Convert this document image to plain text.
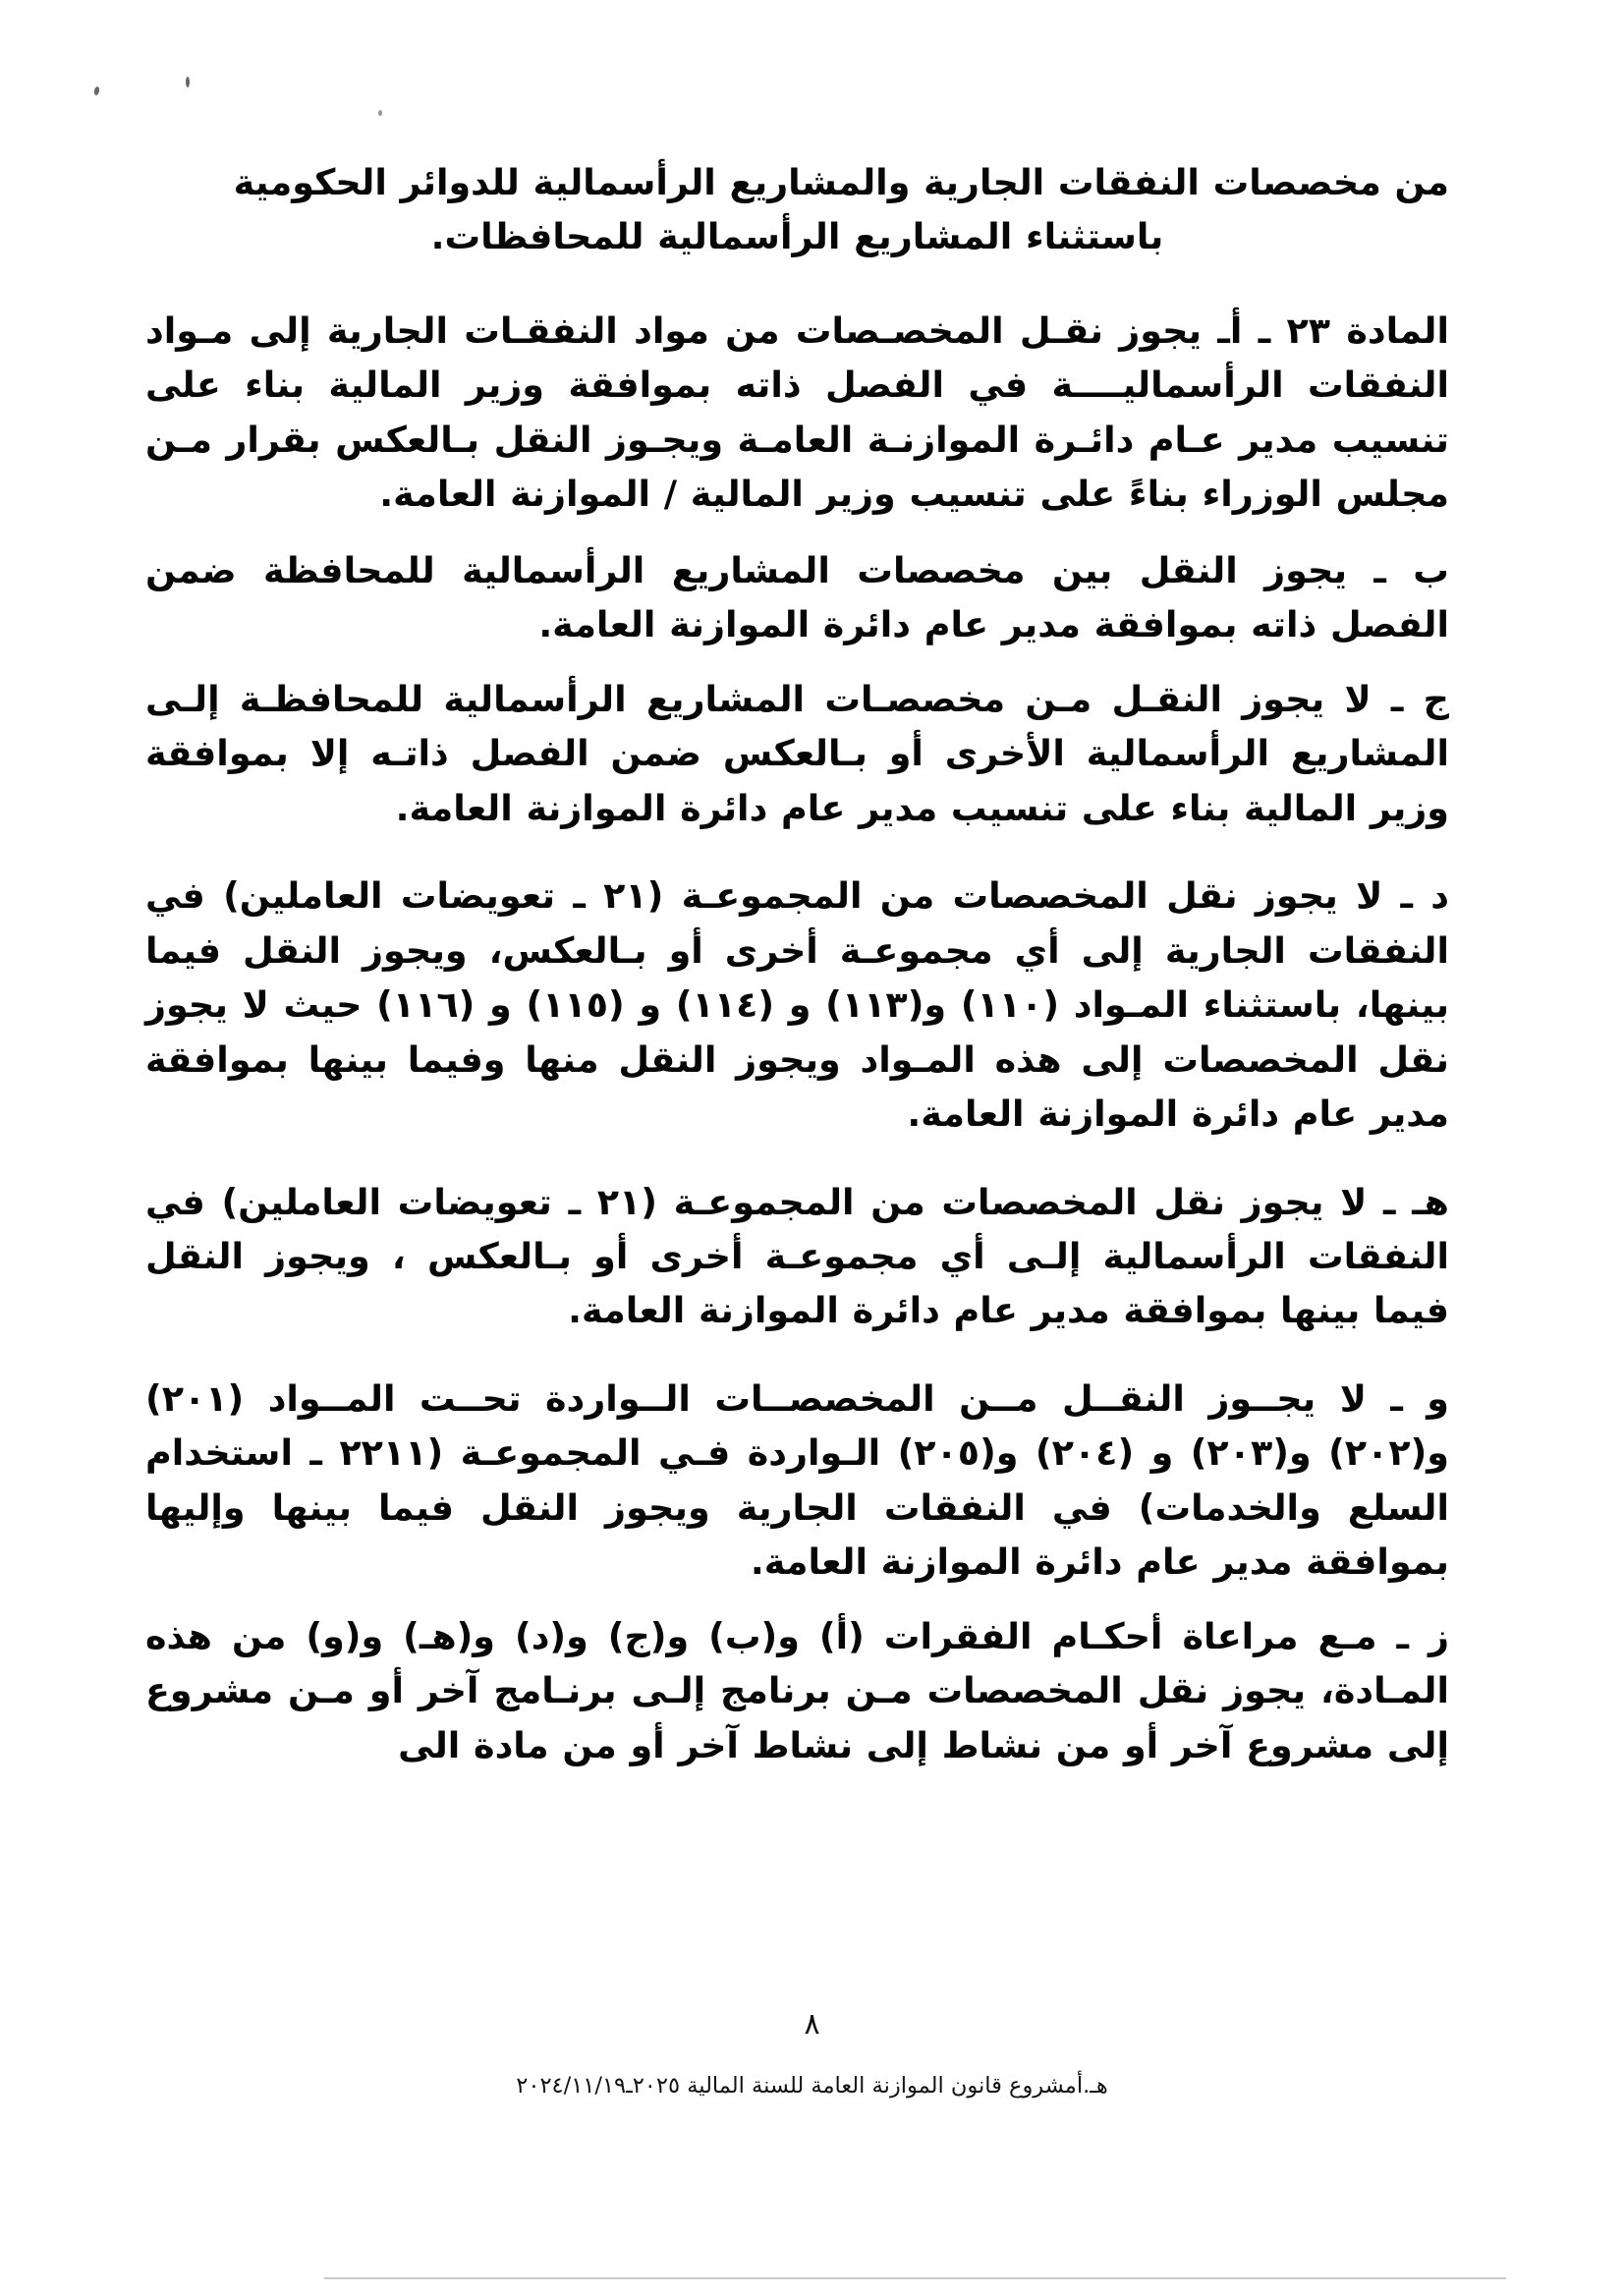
من مخصصات النفقات الجارية والمشاريع الرأسمالية للدوائر الحكومية
باستثناء المشاريع الرأسمالية للمحافظات.

المادة ٢٣ ـ أـ يجوز نقـل المخصـصات من مواد النفقـات الجارية إلى مـواد النفقات الرأسماليــــة في الفصل ذاته بموافقة وزير المالية بناء على تنسيب مدير عـام دائـرة الموازنـة العامـة ويجـوز النقل بـالعكس بقرار مـن مجلس الوزراء بناءً على تنسيب وزير المالية / الموازنة العامة.

ب ـ يجوز النقل بين مخصصات المشاريع الرأسمالية للمحافظة ضمن الفصل ذاته بموافقة مدير عام دائرة الموازنة العامة.

ج ـ لا يجوز النقـل مـن مخصصـات المشاريع الرأسمالية للمحافظـة إلـى المشاريع الرأسمالية الأخرى أو بـالعكس ضمن الفصل ذاتـه إلا بموافقة وزير المالية بناء على تنسيب مدير عام دائرة الموازنة العامة.

د ـ لا يجوز نقل المخصصات من المجموعـة (٢١ ـ تعويضات العاملين) في النفقات الجارية إلى أي مجموعـة أخرى أو بـالعكس، ويجوز النقل فيما بينها، باستثناء المـواد (١١٠) و(١١٣) و (١١٤) و (١١٥) و (١١٦) حيث لا يجوز نقل المخصصات إلى هذه المـواد ويجوز النقل منها وفيما بينها بموافقة مدير عام دائرة الموازنة العامة.

هـ ـ لا يجوز نقل المخصصات من المجموعـة (٢١ ـ تعويضات العاملين) في النفقات الرأسمالية إلـى أي مجموعـة أخرى أو بـالعكس ، ويجوز النقل فيما بينها بموافقة مدير عام دائرة الموازنة العامة.

و ـ لا يجــوز النقــل مــن المخصصــات الــواردة تحــت المــواد (٢٠١) و(٢٠٢) و(٢٠٣) و (٢٠٤) و(٢٠٥) الـواردة فـي المجموعـة (٢٢١١ ـ استخدام السلع والخدمات) في النفقات الجارية ويجوز النقل فيما بينها وإليها بموافقة مدير عام دائرة الموازنة العامة.

ز ـ مـع مراعاة أحكـام الفقرات (أ) و(ب) و(ج) و(د) و(هـ) و(و) من هذه المـادة، يجوز نقل المخصصات مـن برنامج إلـى برنـامج آخر أو مـن مشروع إلى مشروع آخر أو من نشاط إلى نشاط آخر أو من مادة الى

٨
هـ.أمشروع قانون الموازنة العامة للسنة المالية ٢٠٢٥ـ٢٠٢٤/١١/١٩
